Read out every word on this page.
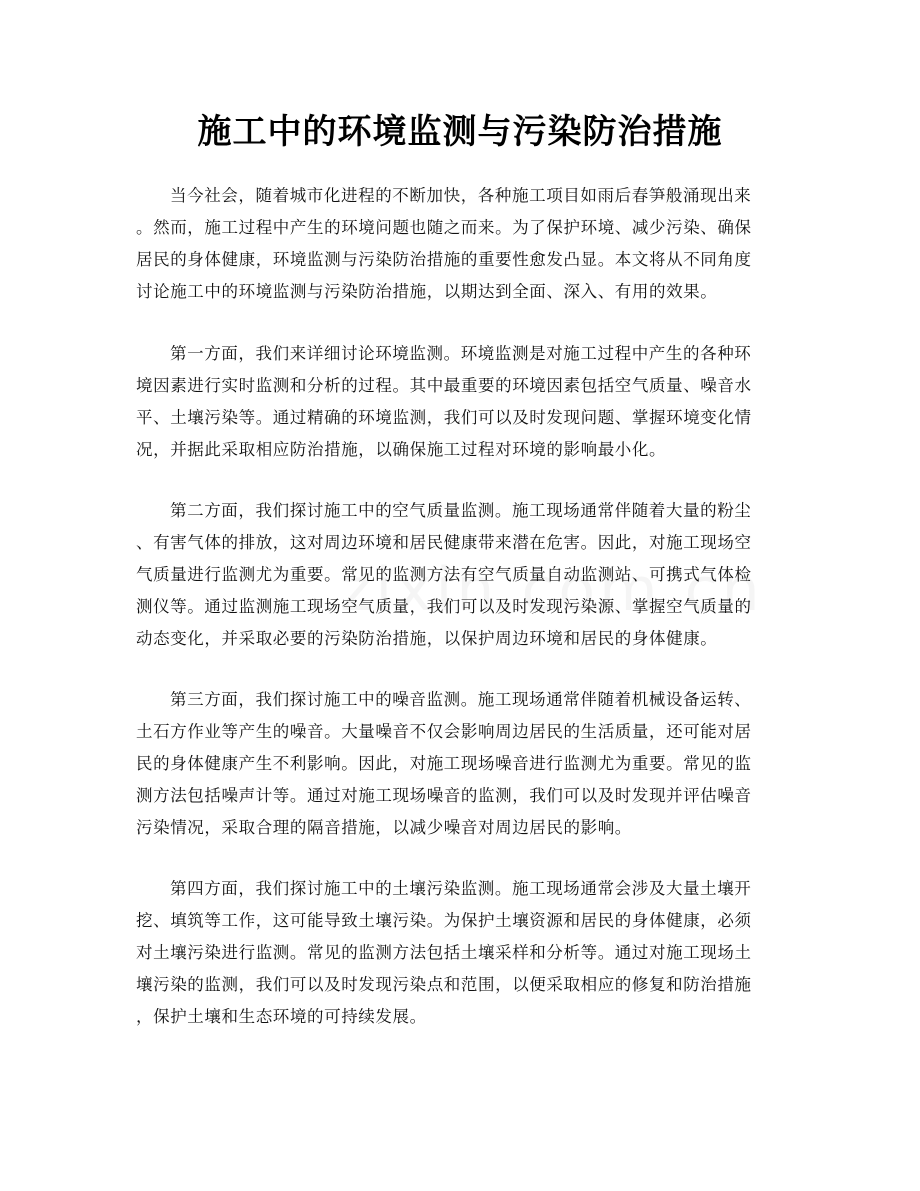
施工中的环境监测与污染防治措施
当今社会，随着城市化进程的不断加快，各种施工项目如雨后春笋般涌现出来
。然而，施工过程中产生的环境问题也随之而来。为了保护环境、减少污染、确保
居民的身体健康，环境监测与污染防治措施的重要性愈发凸显。本文将从不同角度
讨论施工中的环境监测与污染防治措施，以期达到全面、深入、有用的效果。
第一方面，我们来详细讨论环境监测。环境监测是对施工过程中产生的各种环
境因素进行实时监测和分析的过程。其中最重要的环境因素包括空气质量、噪音水
平、土壤污染等。通过精确的环境监测，我们可以及时发现问题、掌握环境变化情
况，并据此采取相应防治措施，以确保施工过程对环境的影响最小化。
第二方面，我们探讨施工中的空气质量监测。施工现场通常伴随着大量的粉尘
、有害气体的排放，这对周边环境和居民健康带来潜在危害。因此，对施工现场空
气质量进行监测尤为重要。常见的监测方法有空气质量自动监测站、可携式气体检
测仪等。通过监测施工现场空气质量，我们可以及时发现污染源、掌握空气质量的
动态变化，并采取必要的污染防治措施，以保护周边环境和居民的身体健康。
第三方面，我们探讨施工中的噪音监测。施工现场通常伴随着机械设备运转、
土石方作业等产生的噪音。大量噪音不仅会影响周边居民的生活质量，还可能对居
民的身体健康产生不利影响。因此，对施工现场噪音进行监测尤为重要。常见的监
测方法包括噪声计等。通过对施工现场噪音的监测，我们可以及时发现并评估噪音
污染情况，采取合理的隔音措施，以减少噪音对周边居民的影响。
第四方面，我们探讨施工中的土壤污染监测。施工现场通常会涉及大量土壤开
挖、填筑等工作，这可能导致土壤污染。为保护土壤资源和居民的身体健康，必须
对土壤污染进行监测。常见的监测方法包括土壤采样和分析等。通过对施工现场土
壤污染的监测，我们可以及时发现污染点和范围，以便采取相应的修复和防治措施
，保护土壤和生态环境的可持续发展。
